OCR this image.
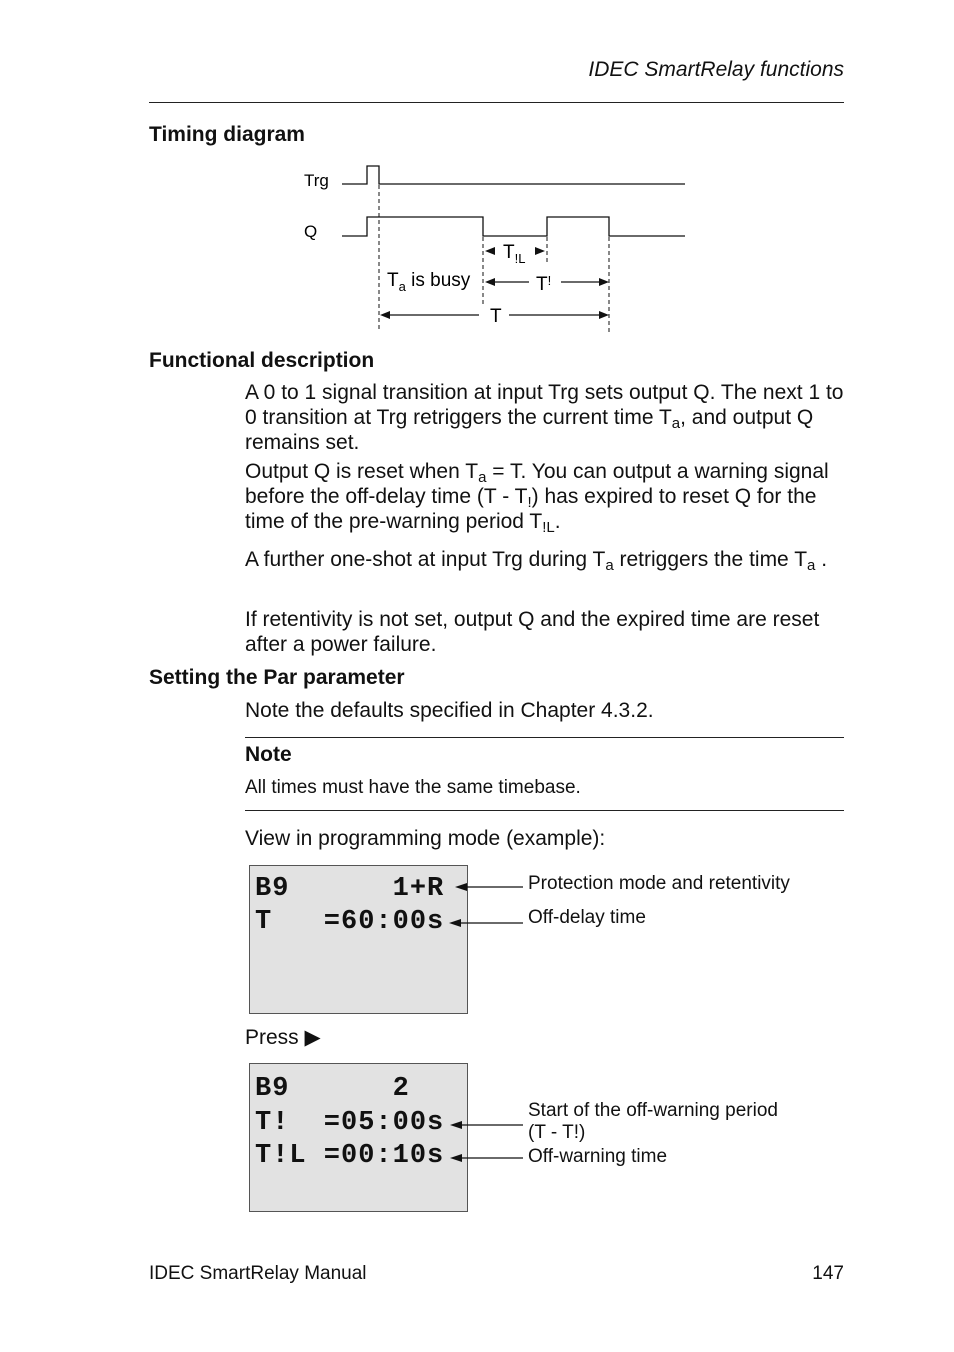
IDEC SmartRelay functions
Timing diagram
Trg
Q
$T_{!L}$
$T_a$ is busy	T!
T
Functional description
A 0 to 1 signal transition at input Trg sets output Q. The next 1 to 0 transition at Trg retriggers the current time $T_a$, and output Q remains set.
Output Q is reset when $T_a = T$. You can output a warning signal before the off-delay time $(T - T_!)$ has expired to reset Q for the time of the pre-warning period $T_{!L}$.
A further one-shot at input Trg during $T_a$ retriggers the time $T_a$ .
If retentivity is not set, output Q and the expired time are reset after a power failure.
Setting the Par parameter
Note the defaults specified in Chapter 4.3.2.
Note
All times must have the same timebase.
View in programming mode (example):
B9      1+R
T   =60:00s
Protection mode and retentivity
Off-delay time
Press ▶
B9      2
T!  =05:00s
T!L =00:10s
Start of the off-warning period
(T - T!)
Off-warning time
IDEC SmartRelay Manual	147
